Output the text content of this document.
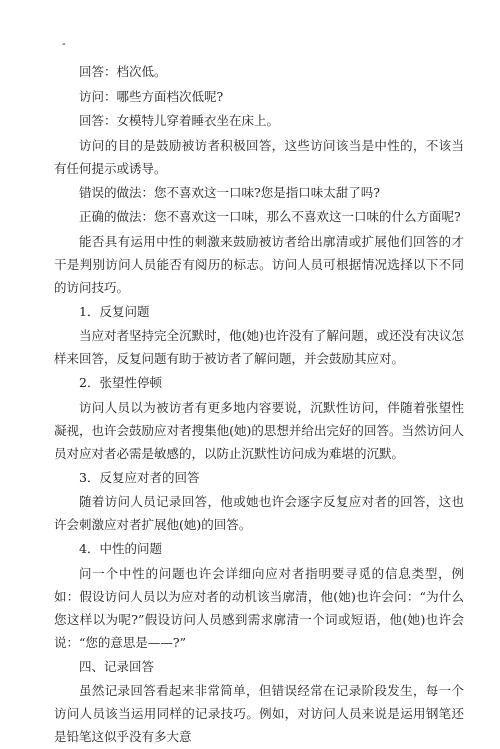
-

回答：档次低。

访问：哪些方面档次低呢?

回答：女模特儿穿着睡衣坐在床上。

访问的目的是鼓励被访者积极回答，这些访问该当是中性的，不该当有任何提示或诱导。

错误的做法：您不喜欢这一口味?您是指口味太甜了吗?

正确的做法：您不喜欢这一口味，那么不喜欢这一口味的什么方面呢?

能否具有运用中性的刺激来鼓励被访者给出廓清或扩展他们回答的才干是判别访问人员能否有阅历的标志。访问人员可根据情况选择以下不同的访问技巧。

1．反复问题

当应对者坚持完全沉默时，他(她)也许没有了解问题，或还没有决议怎样来回答，反复问题有助于被访者了解问题，并会鼓励其应对。

2．张望性停顿

访问人员以为被访者有更多地内容要说，沉默性访问，伴随着张望性凝视，也许会鼓励应对者搜集他(她)的思想并给出完好的回答。当然访问人员对应对者必需是敏感的，以防止沉默性访问成为难堪的沉默。

3．反复应对者的回答

随着访问人员记录回答，他或她也许会逐字反复应对者的回答，这也许会刺激应对者扩展他(她)的回答。

4．中性的问题

问一个中性的问题也许会详细向应对者指明要寻觅的信息类型，例如：假设访问人员以为应对者的动机该当廓清，他(她)也许会问：“为什么您这样以为呢?”假设访问人员感到需求廓清一个词或短语，他(她)也许会说：“您的意思是——?”

四、记录回答

虽然记录回答看起来非常简单，但错误经常在记录阶段发生，每一个访问人员该当运用同样的记录技巧。例如，对访问人员来说是运用钢笔还是铅笔这似乎没有多大意
